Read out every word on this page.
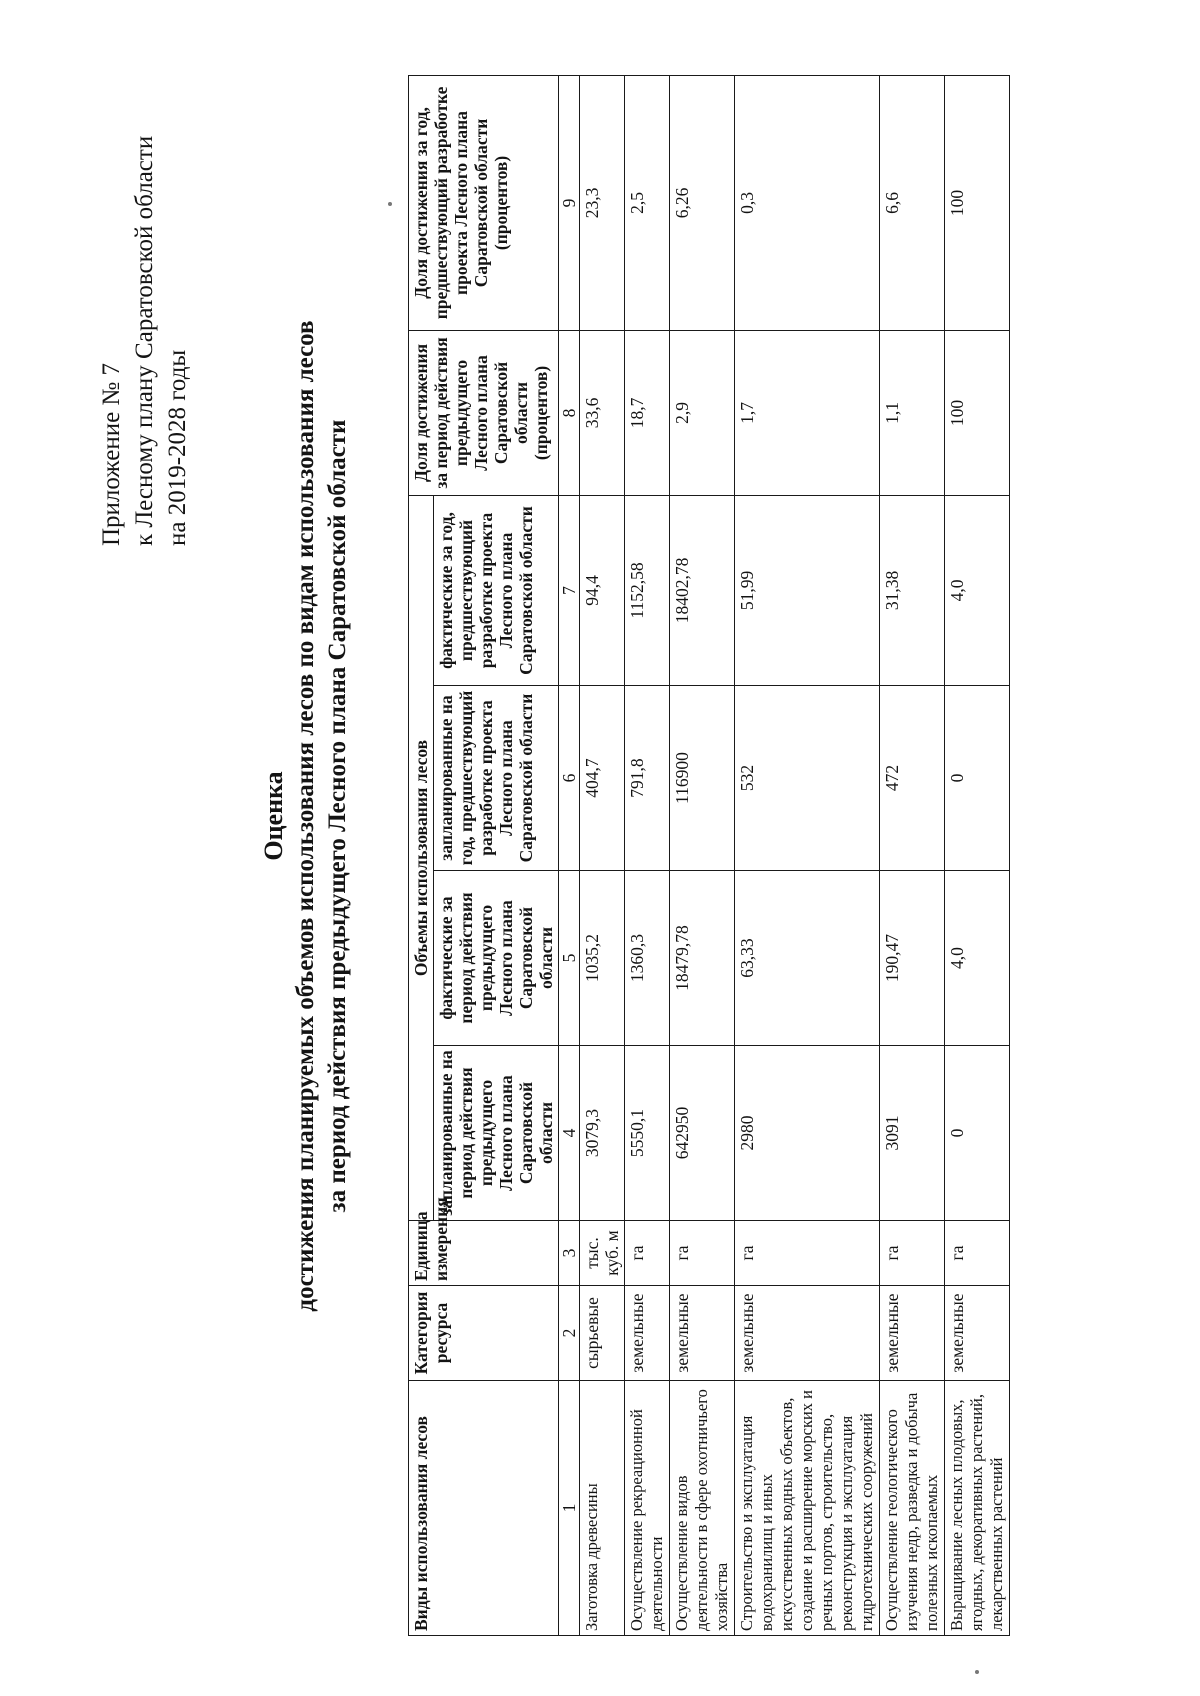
Приложение № 7 к Лесному плану Саратовской области на 2019-2028 годы
Оценка достижения планируемых объемов использования лесов по видам использования лесов за период действия предыдущего Лесного плана Саратовской области
Виды использования лесов	Категория ресурса	Единица измерения	Объемы использования лесов				Доля достижения за период действия предыдущего Лесного плана Саратовской области (процентов)	Доля достижения за год, предшествующий разработке проекта Лесного плана Саратовской области (процентов)
			запланированные на период действия предыдущего Лесного плана Саратовской области	фактические за период действия предыдущего Лесного плана Саратовской области	запланированные на год, предшествующий разработке проекта Лесного плана Саратовской области	фактические за год, предшествующий разработке проекта Лесного плана Саратовской области		
1	2	3	4	5	6	7	8	9
Заготовка древесины	сырьевые	тыс. куб. м	3079,3	1035,2	404,7	94,4	33,6	23,3
Осуществление рекреационной деятельности	земельные	га	5550,1	1360,3	791,8	1152,58	18,7	2,5
Осуществление видов деятельности в сфере охотничьего хозяйства	земельные	га	642950	18479,78	116900	18402,78	2,9	6,26
Строительство и эксплуатация водохранилищ и иных искусственных водных объектов, создание и расширение морских и речных портов, строительство, реконструкция и эксплуатация гидротехнических сооружений	земельные	га	2980	63,33	532	51,99	1,7	0,3
Осуществление геологического изучения недр, разведка и добыча полезных ископаемых	земельные	га	3091	190,47	472	31,38	1,1	6,6
Выращивание лесных плодовых, ягодных, декоративных растений, лекарственных растений	земельные	га	0	4,0	0	4,0	100	100
